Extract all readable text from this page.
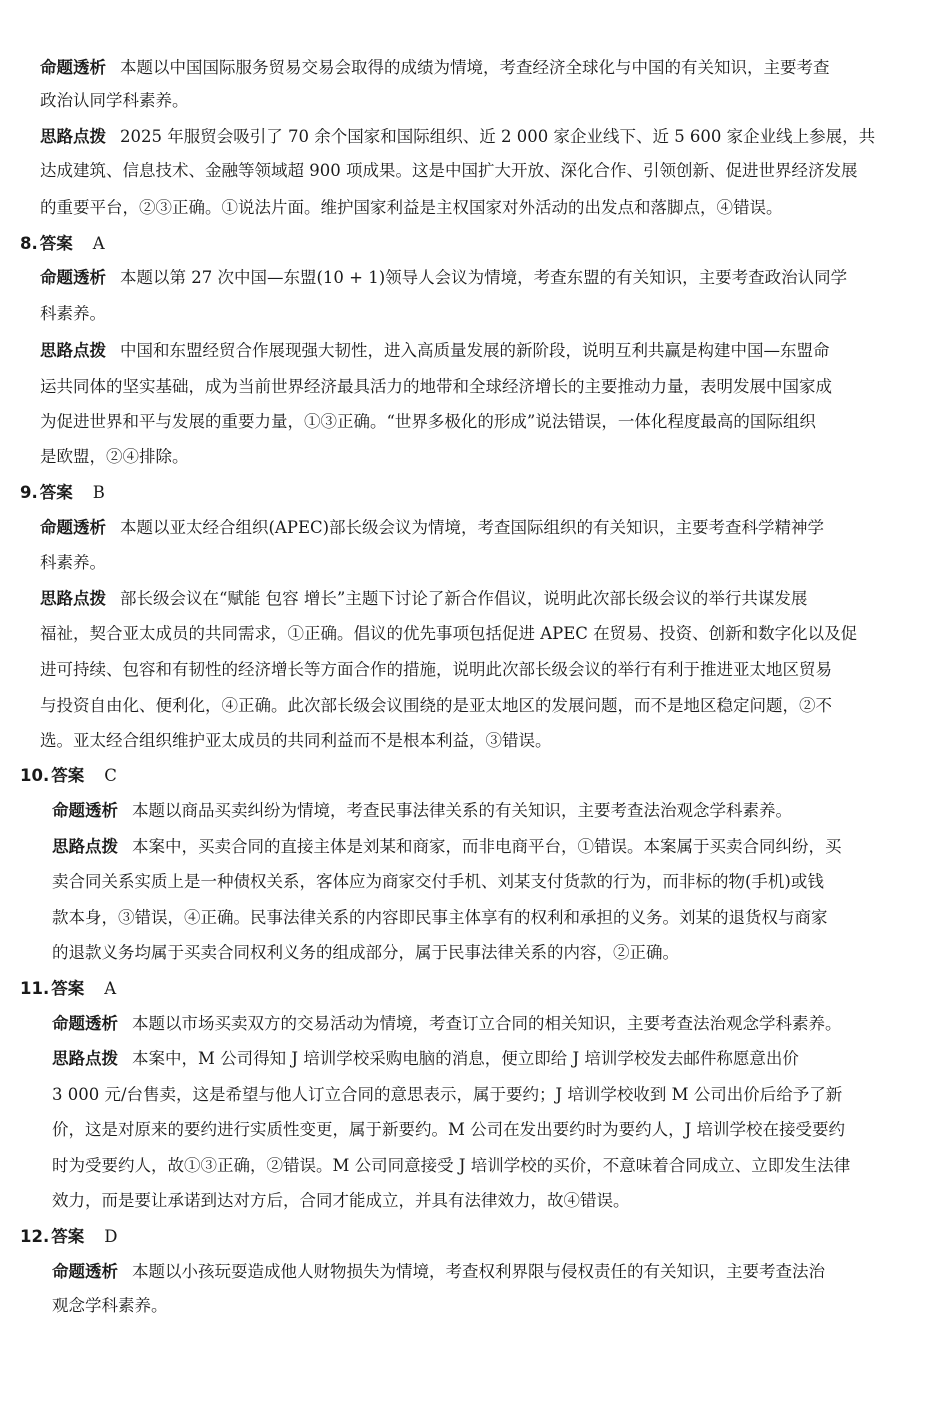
命题透析 本题以中国国际服务贸易交易会取得的成绩为情境，考查经济全球化与中国的有关知识，主要考查
政治认同学科素养。
思路点拨 2025 年服贸会吸引了 70 余个国家和国际组织、近 2 000 家企业线下、近 5 600 家企业线上参展，共
达成建筑、信息技术、金融等领域超 900 项成果。这是中国扩大开放、深化合作、引领创新、促进世界经济发展
的重要平台，②③正确。①说法片面。维护国家利益是主权国家对外活动的出发点和落脚点，④错误。
8. 答案 A
命题透析 本题以第 27 次中国—东盟(10 + 1)领导人会议为情境，考查东盟的有关知识，主要考查政治认同学
科素养。
思路点拨 中国和东盟经贸合作展现强大韧性，进入高质量发展的新阶段，说明互利共赢是构建中国—东盟命
运共同体的坚实基础，成为当前世界经济最具活力的地带和全球经济增长的主要推动力量，表明发展中国家成
为促进世界和平与发展的重要力量，①③正确。“世界多极化的形成”说法错误，一体化程度最高的国际组织
是欧盟，②④排除。
9. 答案 B
命题透析 本题以亚太经合组织(APEC)部长级会议为情境，考查国际组织的有关知识，主要考查科学精神学
科素养。
思路点拨 部长级会议在“赋能 包容 增长”主题下讨论了新合作倡议，说明此次部长级会议的举行共谋发展
福祉，契合亚太成员的共同需求，①正确。倡议的优先事项包括促进 APEC 在贸易、投资、创新和数字化以及促
进可持续、包容和有韧性的经济增长等方面合作的措施，说明此次部长级会议的举行有利于推进亚太地区贸易
与投资自由化、便利化，④正确。此次部长级会议围绕的是亚太地区的发展问题，而不是地区稳定问题，②不
选。亚太经合组织维护亚太成员的共同利益而不是根本利益，③错误。
10. 答案 C
命题透析 本题以商品买卖纠纷为情境，考查民事法律关系的有关知识，主要考查法治观念学科素养。
思路点拨 本案中，买卖合同的直接主体是刘某和商家，而非电商平台，①错误。本案属于买卖合同纠纷，买
卖合同关系实质上是一种债权关系，客体应为商家交付手机、刘某支付货款的行为，而非标的物(手机)或钱
款本身，③错误，④正确。民事法律关系的内容即民事主体享有的权利和承担的义务。刘某的退货权与商家
的退款义务均属于买卖合同权利义务的组成部分，属于民事法律关系的内容，②正确。
11. 答案 A
命题透析 本题以市场买卖双方的交易活动为情境，考查订立合同的相关知识，主要考查法治观念学科素养。
思路点拨 本案中，M 公司得知 J 培训学校采购电脑的消息，便立即给 J 培训学校发去邮件称愿意出价
3 000 元/台售卖，这是希望与他人订立合同的意思表示，属于要约；J 培训学校收到 M 公司出价后给予了新
价，这是对原来的要约进行实质性变更，属于新要约。M 公司在发出要约时为要约人，J 培训学校在接受要约
时为受要约人，故①③正确，②错误。M 公司同意接受 J 培训学校的买价，不意味着合同成立、立即发生法律
效力，而是要让承诺到达对方后，合同才能成立，并具有法律效力，故④错误。
12. 答案 D
命题透析 本题以小孩玩耍造成他人财物损失为情境，考查权利界限与侵权责任的有关知识，主要考查法治
观念学科素养。
